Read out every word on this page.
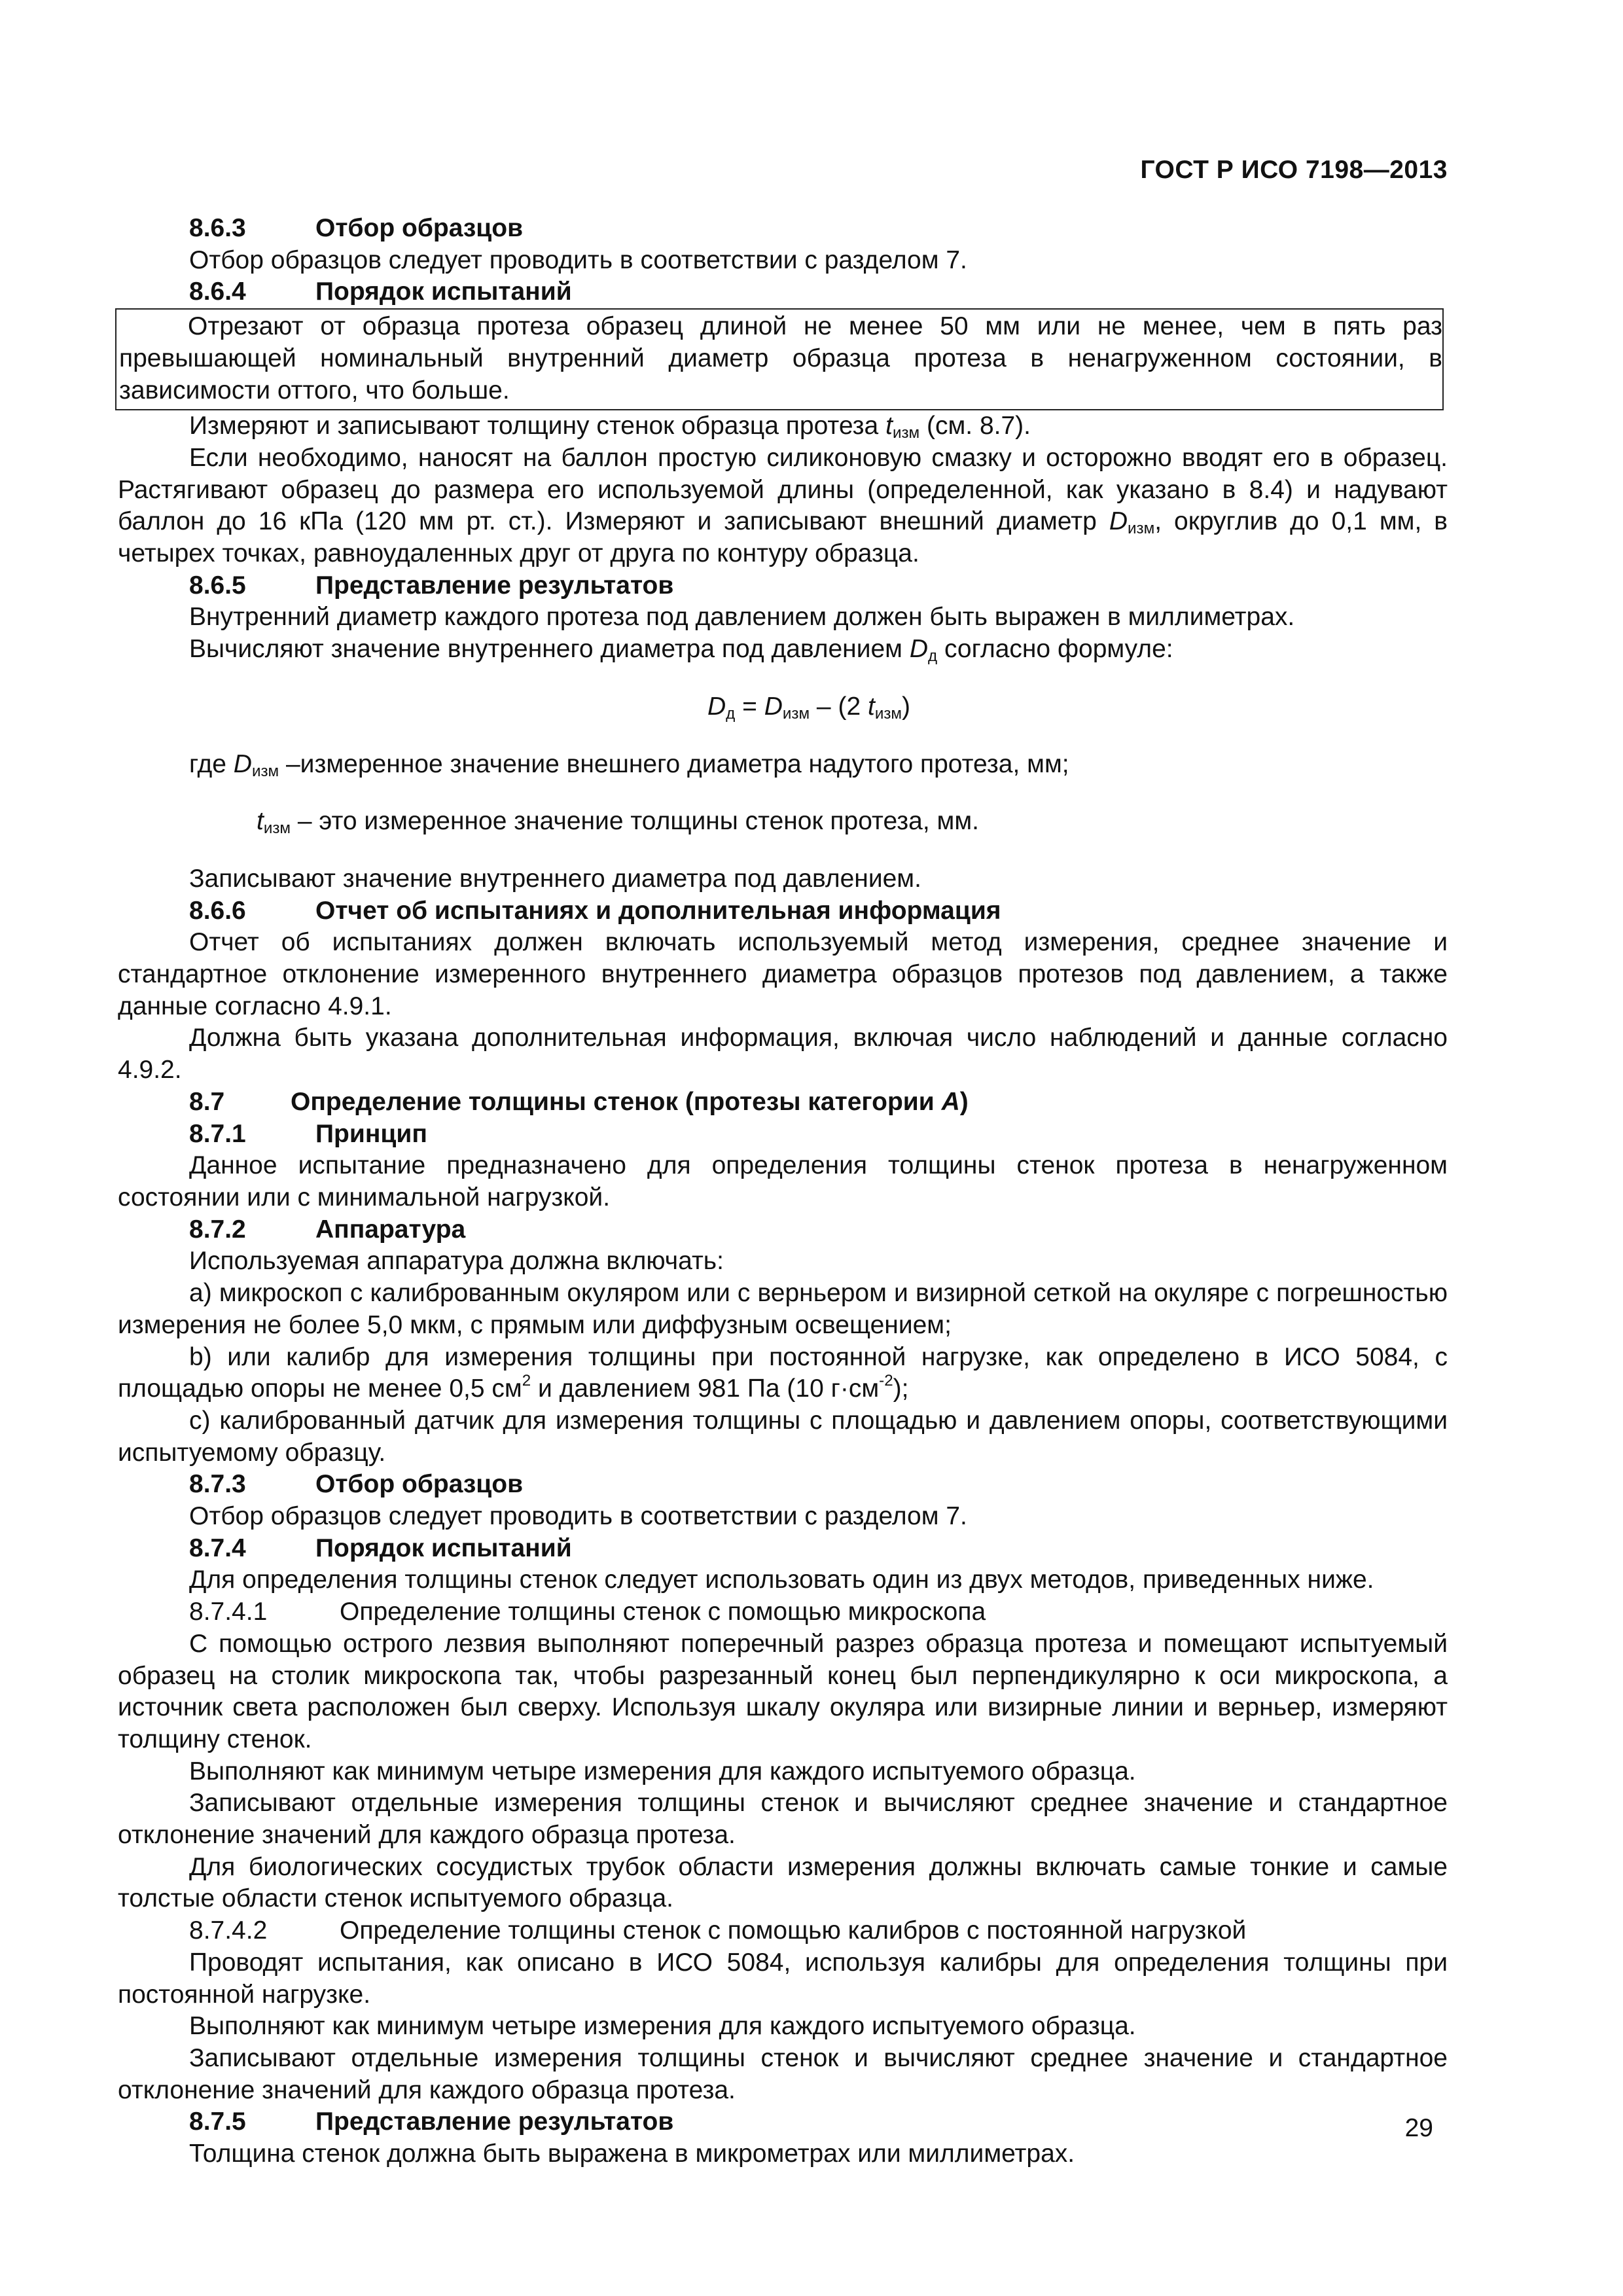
ГОСТ Р ИСО 7198—2013
8.6.3	Отбор образцов

Отбор образцов следует проводить в соответствии с разделом 7.

8.6.4	Порядок испытаний

Отрезают от образца протеза образец длиной не менее 50 мм или не менее, чем в пять раз превышающей номинальный внутренний диаметр образца протеза в ненагруженном состоянии, в зависимости оттого, что больше.

Измеряют и записывают толщину стенок образца протеза $t_{изм}$ (см. 8.7).

Если необходимо, наносят на баллон простую силиконовую смазку и осторожно вводят его в образец. Растягивают образец до размера его используемой длины (определенной, как указано в 8.4) и надувают баллон до 16 кПа (120 мм рт. ст.). Измеряют и записывают внешний диаметр $D_{изм}$, округлив до 0,1 мм, в четырех точках, равноудаленных друг от друга по контуру образца.

8.6.5	Представление результатов

Внутренний диаметр каждого протеза под давлением должен быть выражен в миллиметрах.

Вычисляют значение внутреннего диаметра под давлением $D_д$ согласно формуле:

$D_д = D_{изм} - (2$ $t_{изм}$)

где $D_{изм}$ –измеренное значение внешнего диаметра надутого протеза, мм;

$t_{изм}$ – это измеренное значение толщины стенок протеза, мм.

Записывают значение внутреннего диаметра под давлением.

8.6.6	Отчет об испытаниях и дополнительная информация

Отчет об испытаниях должен включать используемый метод измерения, среднее значение и стандартное отклонение измеренного внутреннего диаметра образцов протезов под давлением, а также данные согласно 4.9.1.

Должна быть указана дополнительная информация, включая число наблюдений и данные согласно 4.9.2.

8.7	Определение толщины стенок (протезы категории A)
8.7.1	Принцип

Данное испытание предназначено для определения толщины стенок протеза в ненагруженном состоянии или с минимальной нагрузкой.

8.7.2	Аппаратура

Используемая аппаратура должна включать:

а) микроскоп с калиброванным окуляром или с верньером и визирной сеткой на окуляре с погрешностью измерения не более 5,0 мкм, с прямым или диффузным освещением;

b) или калибр для измерения толщины при постоянной нагрузке, как определено в ИСО 5084, с площадью опоры не менее 0,5 $см^2$ и давлением 981 Па (10 $г\cdot см^{-2}$);

с) калиброванный датчик для измерения толщины с площадью и давлением опоры, соответствующими испытуемому образцу.

8.7.3	Отбор образцов

Отбор образцов следует проводить в соответствии с разделом 7.

8.7.4	Порядок испытаний

Для определения толщины стенок следует использовать один из двух методов, приведенных ниже.

8.7.4.1	Определение толщины стенок с помощью микроскопа

С помощью острого лезвия выполняют поперечный разрез образца протеза и помещают испытуемый образец на столик микроскопа так, чтобы разрезанный конец был перпендикулярно к оси микроскопа, а источник света расположен был сверху. Используя шкалу окуляра или визирные линии и верньер, измеряют толщину стенок.

Выполняют как минимум четыре измерения для каждого испытуемого образца.

Записывают отдельные измерения толщины стенок и вычисляют среднее значение и стандартное отклонение значений для каждого образца протеза.

Для биологических сосудистых трубок области измерения должны включать самые тонкие и самые толстые области стенок испытуемого образца.

8.7.4.2	Определение толщины стенок с помощью калибров с постоянной нагрузкой

Проводят испытания, как описано в ИСО 5084, используя калибры для определения толщины при постоянной нагрузке.

Выполняют как минимум четыре измерения для каждого испытуемого образца.

Записывают отдельные измерения толщины стенок и вычисляют среднее значение и стандартное отклонение значений для каждого образца протеза.

8.7.5	Представление результатов

Толщина стенок должна быть выражена в микрометрах или миллиметрах.

29
